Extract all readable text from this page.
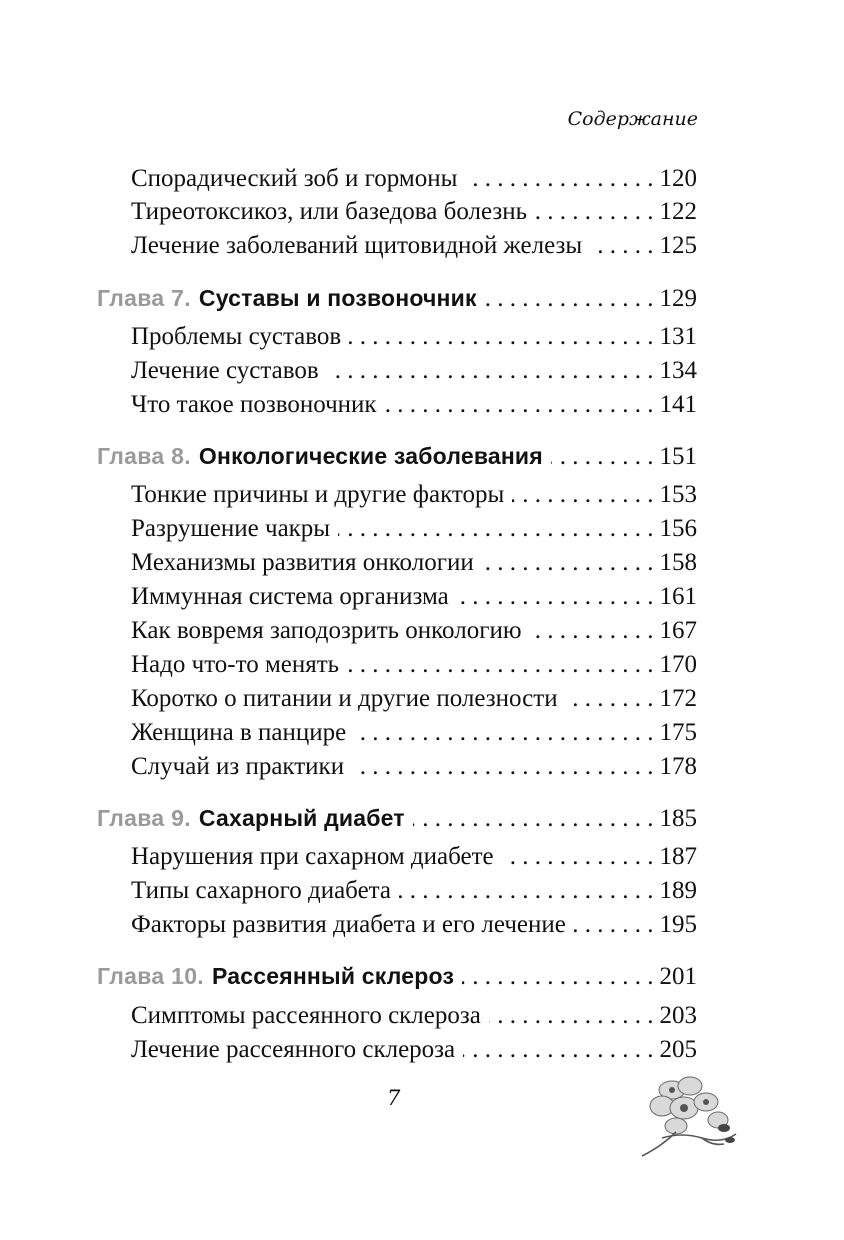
Содержание
Спорадический зоб и гормоны . . .	120
Тиреотоксикоз, или базедова болезнь . . .	122
Лечение заболеваний щитовидной железы . . .	125
Глава 7. Суставы и позвоночник . . .	129
Проблемы суставов . . .	131
Лечение суставов . . .	134
Что такое позвоночник . . .	141
Глава 8. Онкологические заболевания . . .	151
Тонкие причины и другие факторы . . .	153
Разрушение чакры . . .	156
Механизмы развития онкологии . . .	158
Иммунная система организма . . .	161
Как вовремя заподозрить онкологию . . .	167
Надо что-то менять . . .	170
Коротко о питании и другие полезности . . .	172
Женщина в панцире . . .	175
Случай из практики . . .	178
Глава 9. Сахарный диабет . . .	185
Нарушения при сахарном диабете . . .	187
Типы сахарного диабета . . .	189
Факторы развития диабета и его лечение . . .	195
Глава 10. Рассеянный склероз . . .	201
Симптомы рассеянного склероза . . .	203
Лечение рассеянного склероза . . .	205
7
